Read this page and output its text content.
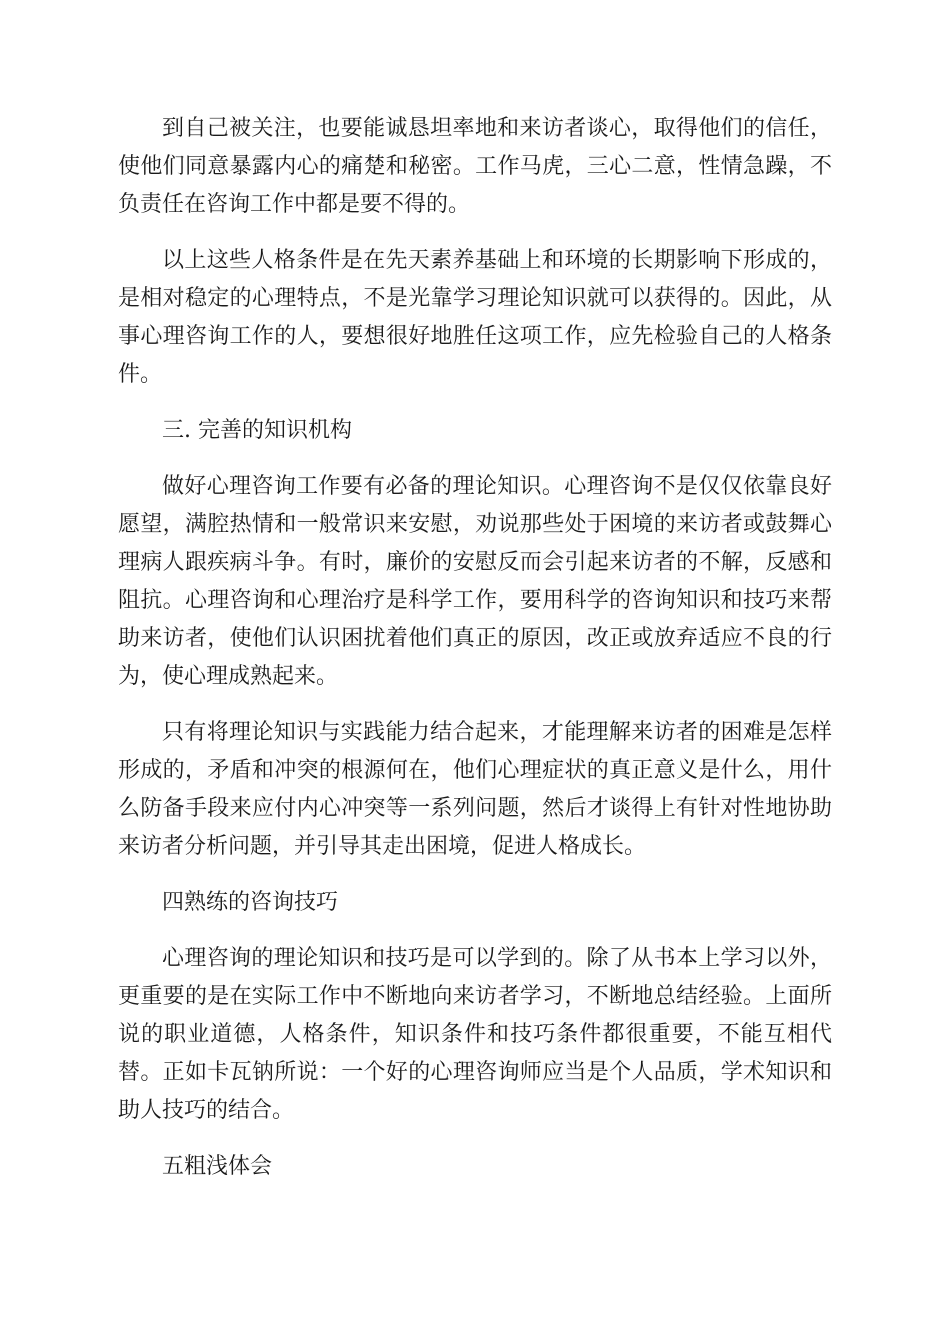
到自己被关注，也要能诚恳坦率地和来访者谈心，取得他们的信任，使他们同意暴露内心的痛楚和秘密。工作马虎，三心二意，性情急躁，不负责任在咨询工作中都是要不得的。

以上这些人格条件是在先天素养基础上和环境的长期影响下形成的，是相对稳定的心理特点，不是光靠学习理论知识就可以获得的。因此，从事心理咨询工作的人，要想很好地胜任这项工作，应先检验自己的人格条件。

三. 完善的知识机构

做好心理咨询工作要有必备的理论知识。心理咨询不是仅仅依靠良好愿望，满腔热情和一般常识来安慰，劝说那些处于困境的来访者或鼓舞心理病人跟疾病斗争。有时，廉价的安慰反而会引起来访者的不解，反感和阻抗。心理咨询和心理治疗是科学工作，要用科学的咨询知识和技巧来帮助来访者，使他们认识困扰着他们真正的原因，改正或放弃适应不良的行为，使心理成熟起来。

只有将理论知识与实践能力结合起来，才能理解来访者的困难是怎样形成的，矛盾和冲突的根源何在，他们心理症状的真正意义是什么，用什么防备手段来应付内心冲突等一系列问题，然后才谈得上有针对性地协助来访者分析问题，并引导其走出困境，促进人格成长。

四熟练的咨询技巧

心理咨询的理论知识和技巧是可以学到的。除了从书本上学习以外，更重要的是在实际工作中不断地向来访者学习，不断地总结经验。上面所说的职业道德，人格条件，知识条件和技巧条件都很重要，不能互相代替。正如卡瓦钠所说：一个好的心理咨询师应当是个人品质，学术知识和助人技巧的结合。

五粗浅体会
